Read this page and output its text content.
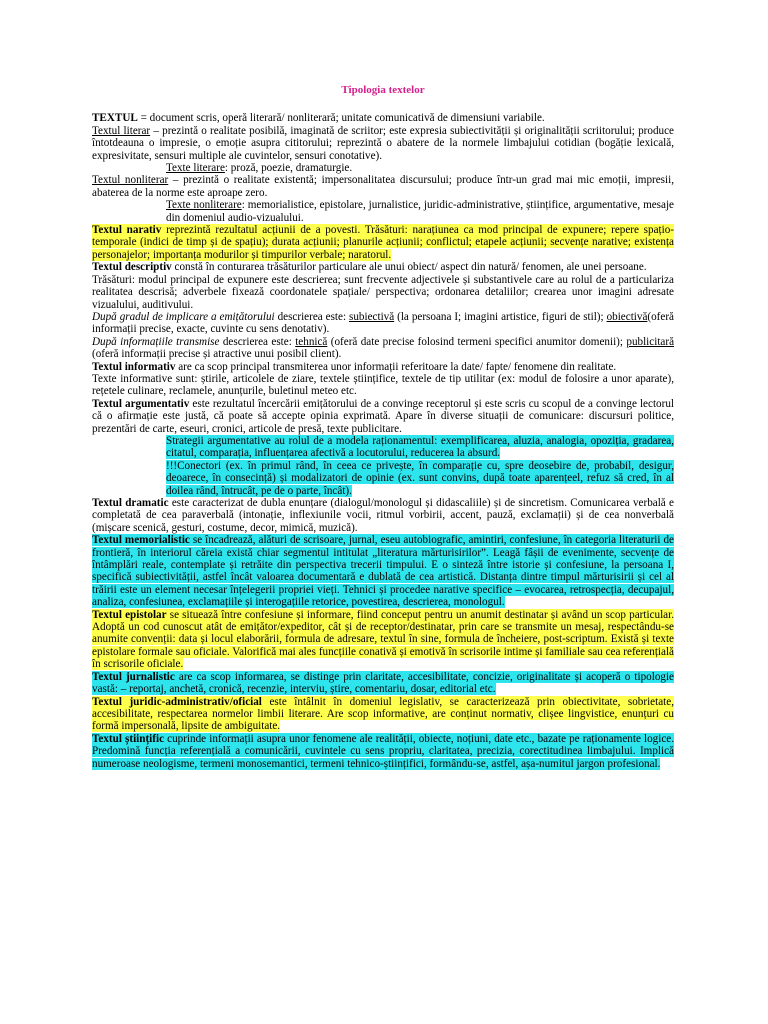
Tipologia textelor

TEXTUL = document scris, operă literară/ nonliterară; unitate comunicativă de dimensiuni variabile.

Textul literar – prezintă o realitate posibilă, imaginată de scriitor; este expresia subiectivității și originalității scriitorului; produce întotdeauna o impresie, o emoție asupra cititorului; reprezintă o abatere de la normele limbajului cotidian (bogăție lexicală, expresivitate, sensuri multiple ale cuvintelor, sensuri conotative).

Texte literare: proză, poezie, dramaturgie.

Textul nonliterar – prezintă o realitate existentă; impersonalitatea discursului; produce într-un grad mai mic emoții, impresii, abaterea de la norme este aproape zero.

Texte nonliterare: memorialistice, epistolare, jurnalistice, juridic-administrative, științifice, argumentative, mesaje din domeniul audio-vizualului.

Textul narativ reprezintă rezultatul acțiunii de a povesti. Trăsături: narațiunea ca mod principal de expunere; repere spațio-temporale (indici de timp și de spațiu); durata acțiunii; planurile acțiunii; conflictul; etapele acțiunii; secvențe narative; existența personajelor; importanța modurilor și timpurilor verbale; naratorul.

Textul descriptiv constă în conturarea trăsăturilor particulare ale unui obiect/ aspect din natură/ fenomen, ale unei persoane.

Trăsături: modul principal de expunere este descrierea; sunt frecvente adjectivele și substantivele care au rolul de a particulariza realitatea descrisă; adverbele fixează coordonatele spațiale/ perspectiva; ordonarea detaliilor; crearea unor imagini adresate vizualului, auditivului.

După gradul de implicare a emițătorului descrierea este: subiectivă (la persoana I; imagini artistice, figuri de stil); obiectivă(oferă informații precise, exacte, cuvinte cu sens denotativ).

După informațiile transmise descrierea este: tehnică (oferă date precise folosind termeni specifici anumitor domenii); publicitară (oferă informații precise și atractive unui posibil client).

Textul informativ are ca scop principal transmiterea unor informații referitoare la date/ fapte/ fenomene din realitate.

Texte informative sunt: știrile, articolele de ziare, textele științifice, textele de tip utilitar (ex: modul de folosire a unor aparate), rețetele culinare, reclamele, anunțurile, buletinul meteo etc.

Textul argumentativ este rezultatul încercării emițătorului de a convinge receptorul și este scris cu scopul de a convinge lectorul că o afirmație este justă, că poate să accepte opinia exprimată. Apare în diverse situații de comunicare: discursuri politice, prezentări de carte, eseuri, cronici, articole de presă, texte publicitare.

Strategii argumentative au rolul de a modela raționamentul: exemplificarea, aluzia, analogia, opoziția, gradarea, citatul, comparația, influențarea afectivă a locutorului, reducerea la absurd.

!!!Conectori (ex. în primul rând, în ceea ce privește, în comparație cu, spre deosebire de, probabil, desigur, deoarece, în consecință) și modalizatori de opinie (ex. sunt convins, după toate aparențeel, refuz să cred, în al doilea rând, întrucât, pe de o parte, încât).

Textul dramatic este caracterizat de dubla enunțare (dialogul/monologul și didascaliile) și de sincretism. Comunicarea verbală e completată de cea paraverbală (intonație, inflexiunile vocii, ritmul vorbirii, accent, pauză, exclamații) și de cea nonverbală (mișcare scenică, gesturi, costume, decor, mimică, muzică).

Textul memorialistic se încadrează, alături de scrisoare, jurnal, eseu autobiografic, amintiri, confesiune, în categoria literaturii de frontieră, în interiorul căreia există chiar segmentul intitulat „literatura mărturisirilor”. Leagă fâșii de evenimente, secvențe de întâmplări reale, contemplate și retrăite din perspectiva trecerii timpului. E o sinteză între istorie și confesiune, la persoana I, specifică subiectivității, astfel încât valoarea documentară e dublată de cea artistică. Distanța dintre timpul mărturisirii și cel al trăirii este un element necesar înțelegerii propriei vieți. Tehnici și procedee narative specifice – evocarea, retrospecția, decupajul, analiza, confesiunea, exclamațiile și interogațiile retorice, povestirea, descrierea, monologul.

Textul epistolar se situează între confesiune și informare, fiind conceput pentru un anumit destinatar și având un scop particular. Adoptă un cod cunoscut atât de emițător/expeditor, cât și de receptor/destinatar, prin care se transmite un mesaj, respectându-se anumite convenții: data și locul elaborării, formula de adresare, textul în sine, formula de încheiere, post-scriptum. Există și texte epistolare formale sau oficiale. Valorifică mai ales funcțiile conativă și emotivă în scrisorile intime și familiale sau cea referențială în scrisorile oficiale.

Textul jurnalistic are ca scop informarea, se distinge prin claritate, accesibilitate, concizie, originalitate și acoperă o tipologie vastă: – reportaj, anchetă, cronică, recenzie, interviu, știre, comentariu, dosar, editorial etc.

Textul juridic-administrativ/oficial este întâlnit în domeniul legislativ, se caracterizează prin obiectivitate, sobrietate, accesibilitate, respectarea normelor limbii literare. Are scop informative, are conținut normativ, clișee lingvistice, enunțuri cu formă impersonală, lipsite de ambiguitate.

Textul științific cuprinde informații asupra unor fenomene ale realității, obiecte, noțiuni, date etc., bazate pe raționamente logice. Predomină funcția referențială a comunicării, cuvintele cu sens propriu, claritatea, precizia, corectitudinea limbajului. Implică numeroase neologisme, termeni monosemantici, termeni tehnico-științifici, formându-se, astfel, așa-numitul jargon profesional.
